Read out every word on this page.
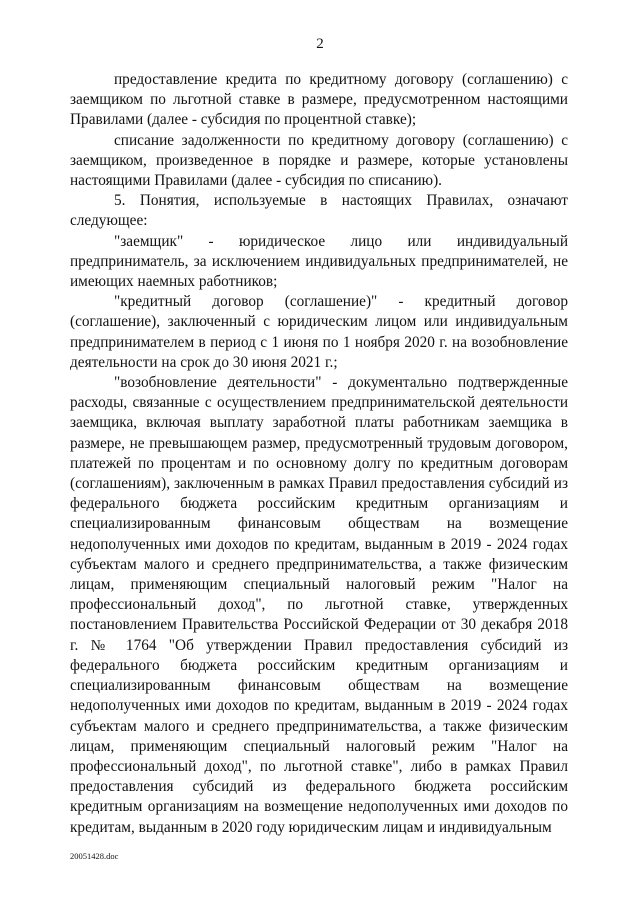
2

предоставление кредита по кредитному договору (соглашению) с заемщиком по льготной ставке в размере, предусмотренном настоящими Правилами (далее - субсидия по процентной ставке);

списание задолженности по кредитному договору (соглашению) с заемщиком, произведенное в порядке и размере, которые установлены настоящими Правилами (далее - субсидия по списанию).

5. Понятия, используемые в настоящих Правилах, означают следующее:

"заемщик" - юридическое лицо или индивидуальный предприниматель, за исключением индивидуальных предпринимателей, не имеющих наемных работников;

"кредитный договор (соглашение)" - кредитный договор (соглашение), заключенный с юридическим лицом или индивидуальным предпринимателем в период с 1 июня по 1 ноября 2020 г. на возобновление деятельности на срок до 30 июня 2021 г.;

"возобновление деятельности" - документально подтвержденные расходы, связанные с осуществлением предпринимательской деятельности заемщика, включая выплату заработной платы работникам заемщика в размере, не превышающем размер, предусмотренный трудовым договором, платежей по процентам и по основному долгу по кредитным договорам (соглашениям), заключенным в рамках Правил предоставления субсидий из федерального бюджета российским кредитным организациям и специализированным финансовым обществам на возмещение недополученных ими доходов по кредитам, выданным в 2019 - 2024 годах субъектам малого и среднего предпринимательства, а также физическим лицам, применяющим специальный налоговый режим "Налог на профессиональный доход", по льготной ставке, утвержденных постановлением Правительства Российской Федерации от 30 декабря 2018 г. № 1764 "Об утверждении Правил предоставления субсидий из федерального бюджета российским кредитным организациям и специализированным финансовым обществам на возмещение недополученных ими доходов по кредитам, выданным в 2019 - 2024 годах субъектам малого и среднего предпринимательства, а также физическим лицам, применяющим специальный налоговый режим "Налог на профессиональный доход", по льготной ставке", либо в рамках Правил предоставления субсидий из федерального бюджета российским кредитным организациям на возмещение недополученных ими доходов по кредитам, выданным в 2020 году юридическим лицам и индивидуальным

20051428.doc
